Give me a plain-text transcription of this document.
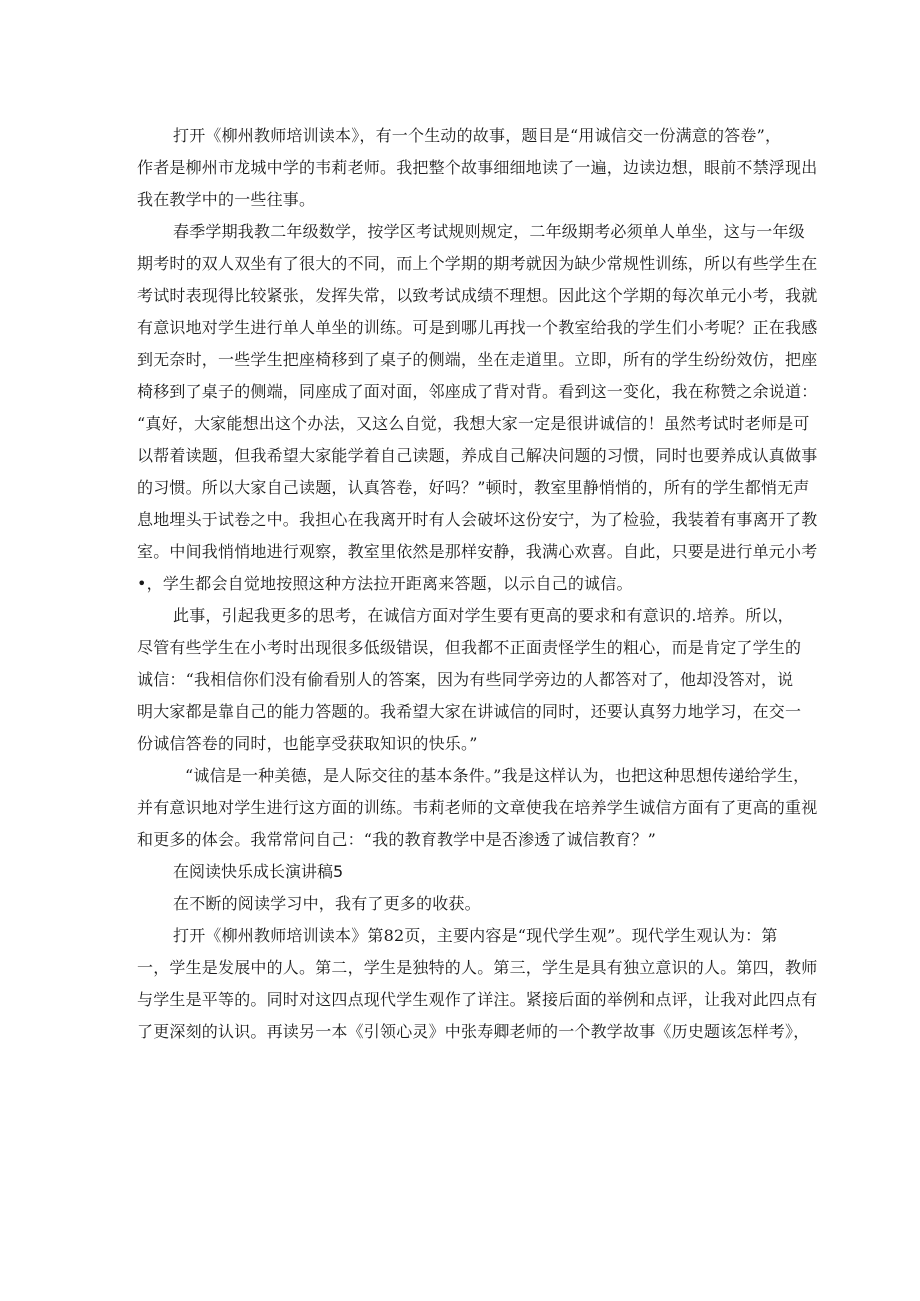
打开《柳州教师培训读本》，有一个生动的故事，题目是“用诚信交一份满意的答卷”，
作者是柳州市龙城中学的韦莉老师。我把整个故事细细地读了一遍，边读边想，眼前不禁浮现出
我在教学中的一些往事。
春季学期我教二年级数学，按学区考试规则规定，二年级期考必须单人单坐，这与一年级
期考时的双人双坐有了很大的不同，而上个学期的期考就因为缺少常规性训练，所以有些学生在
考试时表现得比较紧张，发挥失常，以致考试成绩不理想。因此这个学期的每次单元小考，我就
有意识地对学生进行单人单坐的训练。可是到哪儿再找一个教室给我的学生们小考呢？正在我感
到无奈时，一些学生把座椅移到了桌子的侧端，坐在走道里。立即，所有的学生纷纷效仿，把座
椅移到了桌子的侧端，同座成了面对面，邻座成了背对背。看到这一变化，我在称赞之余说道：
“真好，大家能想出这个办法，又这么自觉，我想大家一定是很讲诚信的！虽然考试时老师是可
以帮着读题，但我希望大家能学着自己读题，养成自己解决问题的习惯，同时也要养成认真做事
的习惯。所以大家自己读题，认真答卷，好吗？”顿时，教室里静悄悄的，所有的学生都悄无声
息地埋头于试卷之中。我担心在我离开时有人会破坏这份安宁，为了检验，我装着有事离开了教
室。中间我悄悄地进行观察，教室里依然是那样安静，我满心欢喜。自此，只要是进行单元小考
•，学生都会自觉地按照这种方法拉开距离来答题，以示自己的诚信。
此事，引起我更多的思考，在诚信方面对学生要有更高的要求和有意识的.培养。所以，
尽管有些学生在小考时出现很多低级错误，但我都不正面责怪学生的粗心，而是肯定了学生的
诚信：“我相信你们没有偷看别人的答案，因为有些同学旁边的人都答对了，他却没答对，说
明大家都是靠自己的能力答题的。我希望大家在讲诚信的同时，还要认真努力地学习，在交一
份诚信答卷的同时，也能享受获取知识的快乐。”
“诚信是一种美德，是人际交往的基本条件。”我是这样认为，也把这种思想传递给学生，
并有意识地对学生进行这方面的训练。韦莉老师的文章使我在培养学生诚信方面有了更高的重视
和更多的体会。我常常问自己：“我的教育教学中是否渗透了诚信教育？”
在阅读快乐成长演讲稿5
在不断的阅读学习中，我有了更多的收获。
打开《柳州教师培训读本》第82页，主要内容是“现代学生观”。现代学生观认为：第
一，学生是发展中的人。第二，学生是独特的人。第三，学生是具有独立意识的人。第四，教师
与学生是平等的。同时对这四点现代学生观作了详注。紧接后面的举例和点评，让我对此四点有
了更深刻的认识。再读另一本《引领心灵》中张寿卿老师的一个教学故事《历史题该怎样考》，
